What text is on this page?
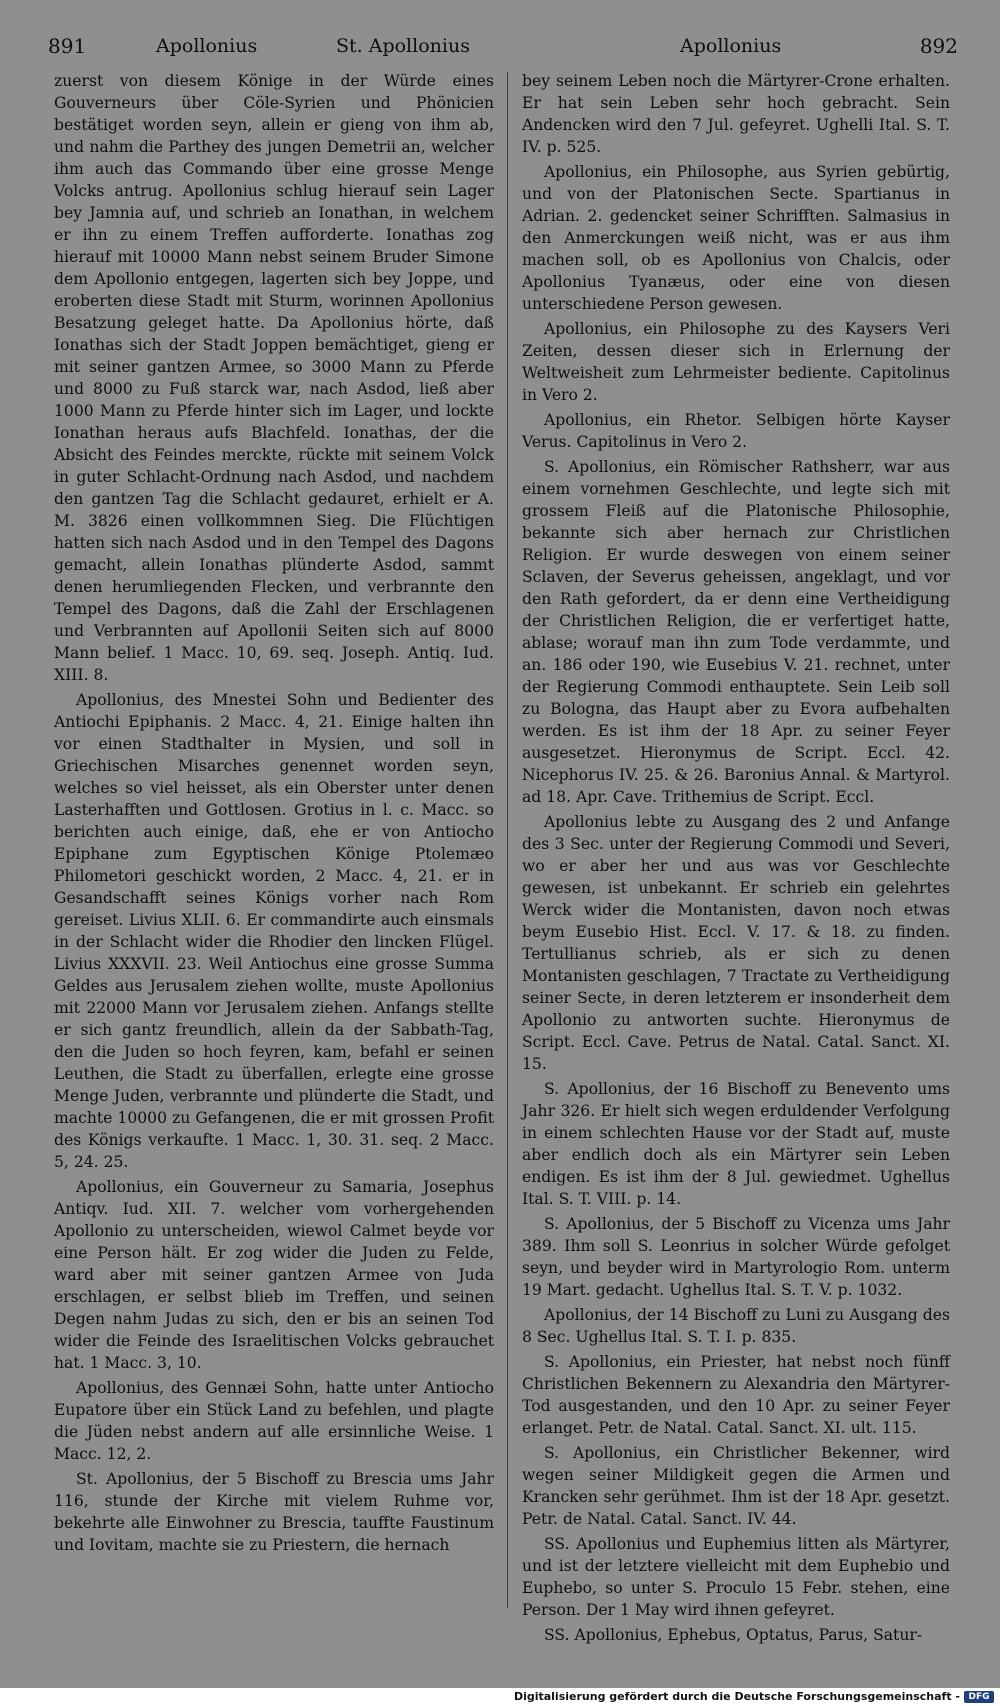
891	Apollonius	St. Apollonius	Apollonius	892

zuerst von diesem Könige in der Würde eines Gouverneurs über Cöle-Syrien und Phönicien bestätiget worden seyn, allein er gieng von ihm ab, und nahm die Parthey des jungen Demetrii an, welcher ihm auch das Commando über eine grosse Menge Volcks antrug. Apollonius schlug hierauf sein Lager bey Jamnia auf, und schrieb an Ionathan, in welchem er ihn zu einem Treffen aufforderte. Ionathas zog hierauf mit 10000 Mann nebst seinem Bruder Simone dem Apollonio entgegen, lagerten sich bey Joppe, und eroberten diese Stadt mit Sturm, worinnen Apollonius Besatzung geleget hatte. Da Apollonius hörte, daß Ionathas sich der Stadt Joppen bemächtiget, gieng er mit seiner gantzen Armee, so 3000 Mann zu Pferde und 8000 zu Fuß starck war, nach Asdod, ließ aber 1000 Mann zu Pferde hinter sich im Lager, und lockte Ionathan heraus aufs Blachfeld. Ionathas, der die Absicht des Feindes merckte, rückte mit seinem Volck in guter Schlacht-Ordnung nach Asdod, und nachdem den gantzen Tag die Schlacht gedauret, erhielt er A. M. 3826 einen vollkommnen Sieg. Die Flüchtigen hatten sich nach Asdod und in den Tempel des Dagons gemacht, allein Ionathas plünderte Asdod, sammt denen herumliegenden Flecken, und verbrannte den Tempel des Dagons, daß die Zahl der Erschlagenen und Verbrannten auf Apollonii Seiten sich auf 8000 Mann belief. 1 Macc. 10, 69. seq. Joseph. Antiq. Iud. XIII. 8.

Apollonius, des Mnestei Sohn und Bedienter des Antiochi Epiphanis. 2 Macc. 4, 21. Einige halten ihn vor einen Stadthalter in Mysien, und soll in Griechischen Misarches genennet worden seyn, welches so viel heisset, als ein Oberster unter denen Lasterhafften und Gottlosen. Grotius in l. c. Macc. so berichten auch einige, daß, ehe er von Antiocho Epiphane zum Egyptischen Könige Ptolemæo Philometori geschickt worden, 2 Macc. 4, 21. er in Gesandschafft seines Königs vorher nach Rom gereiset. Livius XLII. 6. Er commandirte auch einsmals in der Schlacht wider die Rhodier den lincken Flügel. Livius XXXVII. 23. Weil Antiochus eine grosse Summa Geldes aus Jerusalem ziehen wollte, muste Apollonius mit 22000 Mann vor Jerusalem ziehen. Anfangs stellte er sich gantz freundlich, allein da der Sabbath-Tag, den die Juden so hoch feyren, kam, befahl er seinen Leuthen, die Stadt zu überfallen, erlegte eine grosse Menge Juden, verbrannte und plünderte die Stadt, und machte 10000 zu Gefangenen, die er mit grossen Profit des Königs verkaufte. 1 Macc. 1, 30. 31. seq. 2 Macc. 5, 24. 25.

Apollonius, ein Gouverneur zu Samaria, Josephus Antiqv. Iud. XII. 7. welcher vom vorhergehenden Apollonio zu unterscheiden, wiewol Calmet beyde vor eine Person hält. Er zog wider die Juden zu Felde, ward aber mit seiner gantzen Armee von Juda erschlagen, er selbst blieb im Treffen, und seinen Degen nahm Judas zu sich, den er bis an seinen Tod wider die Feinde des Israelitischen Volcks gebrauchet hat. 1 Macc. 3, 10.

Apollonius, des Gennæi Sohn, hatte unter Antiocho Eupatore über ein Stück Land zu befehlen, und plagte die Jüden nebst andern auf alle ersinnliche Weise. 1 Macc. 12, 2.

St. Apollonius, der 5 Bischoff zu Brescia ums Jahr 116, stunde der Kirche mit vielem Ruhme vor, bekehrte alle Einwohner zu Brescia, tauffte Faustinum und Iovitam, machte sie zu Priestern, die hernach

bey seinem Leben noch die Märtyrer-Crone erhalten. Er hat sein Leben sehr hoch gebracht. Sein Andencken wird den 7 Jul. gefeyret. Ughelli Ital. S. T. IV. p. 525.

Apollonius, ein Philosophe, aus Syrien gebürtig, und von der Platonischen Secte. Spartianus in Adrian. 2. gedencket seiner Schrifften. Salmasius in den Anmerckungen weiß nicht, was er aus ihm machen soll, ob es Apollonius von Chalcis, oder Apollonius Tyanæus, oder eine von diesen unterschiedene Person gewesen.

Apollonius, ein Philosophe zu des Kaysers Veri Zeiten, dessen dieser sich in Erlernung der Weltweisheit zum Lehrmeister bediente. Capitolinus in Vero 2.

Apollonius, ein Rhetor. Selbigen hörte Kayser Verus. Capitolinus in Vero 2.

S. Apollonius, ein Römischer Rathsherr, war aus einem vornehmen Geschlechte, und legte sich mit grossem Fleiß auf die Platonische Philosophie, bekannte sich aber hernach zur Christlichen Religion. Er wurde deswegen von einem seiner Sclaven, der Severus geheissen, angeklagt, und vor den Rath gefordert, da er denn eine Vertheidigung der Christlichen Religion, die er verfertiget hatte, ablase; worauf man ihn zum Tode verdammte, und an. 186 oder 190, wie Eusebius V. 21. rechnet, unter der Regierung Commodi enthauptete. Sein Leib soll zu Bologna, das Haupt aber zu Evora aufbehalten werden. Es ist ihm der 18 Apr. zu seiner Feyer ausgesetzet. Hieronymus de Script. Eccl. 42. Nicephorus IV. 25. & 26. Baronius Annal. & Martyrol. ad 18. Apr. Cave. Trithemius de Script. Eccl.

Apollonius lebte zu Ausgang des 2 und Anfange des 3 Sec. unter der Regierung Commodi und Severi, wo er aber her und aus was vor Geschlechte gewesen, ist unbekannt. Er schrieb ein gelehrtes Werck wider die Montanisten, davon noch etwas beym Eusebio Hist. Eccl. V. 17. & 18. zu finden. Tertullianus schrieb, als er sich zu denen Montanisten geschlagen, 7 Tractate zu Vertheidigung seiner Secte, in deren letzterem er insonderheit dem Apollonio zu antworten suchte. Hieronymus de Script. Eccl. Cave. Petrus de Natal. Catal. Sanct. XI. 15.

S. Apollonius, der 16 Bischoff zu Benevento ums Jahr 326. Er hielt sich wegen erduldender Verfolgung in einem schlechten Hause vor der Stadt auf, muste aber endlich doch als ein Märtyrer sein Leben endigen. Es ist ihm der 8 Jul. gewiedmet. Ughellus Ital. S. T. VIII. p. 14.

S. Apollonius, der 5 Bischoff zu Vicenza ums Jahr 389. Ihm soll S. Leonrius in solcher Würde gefolget seyn, und beyder wird in Martyrologio Rom. unterm 19 Mart. gedacht. Ughellus Ital. S. T. V. p. 1032.

Apollonius, der 14 Bischoff zu Luni zu Ausgang des 8 Sec. Ughellus Ital. S. T. I. p. 835.

S. Apollonius, ein Priester, hat nebst noch fünff Christlichen Bekennern zu Alexandria den Märtyrer-Tod ausgestanden, und den 10 Apr. zu seiner Feyer erlanget. Petr. de Natal. Catal. Sanct. XI. ult. 115.

S. Apollonius, ein Christlicher Bekenner, wird wegen seiner Mildigkeit gegen die Armen und Krancken sehr gerühmet. Ihm ist der 18 Apr. gesetzt. Petr. de Natal. Catal. Sanct. IV. 44.

SS. Apollonius und Euphemius litten als Märtyrer, und ist der letztere vielleicht mit dem Euphebio und Euphebo, so unter S. Proculo 15 Febr. stehen, eine Person. Der 1 May wird ihnen gefeyret.

SS. Apollonius, Ephebus, Optatus, Parus, Satur-

Digitalisierung gefördert durch die Deutsche Forschungsgemeinschaft - DFG
